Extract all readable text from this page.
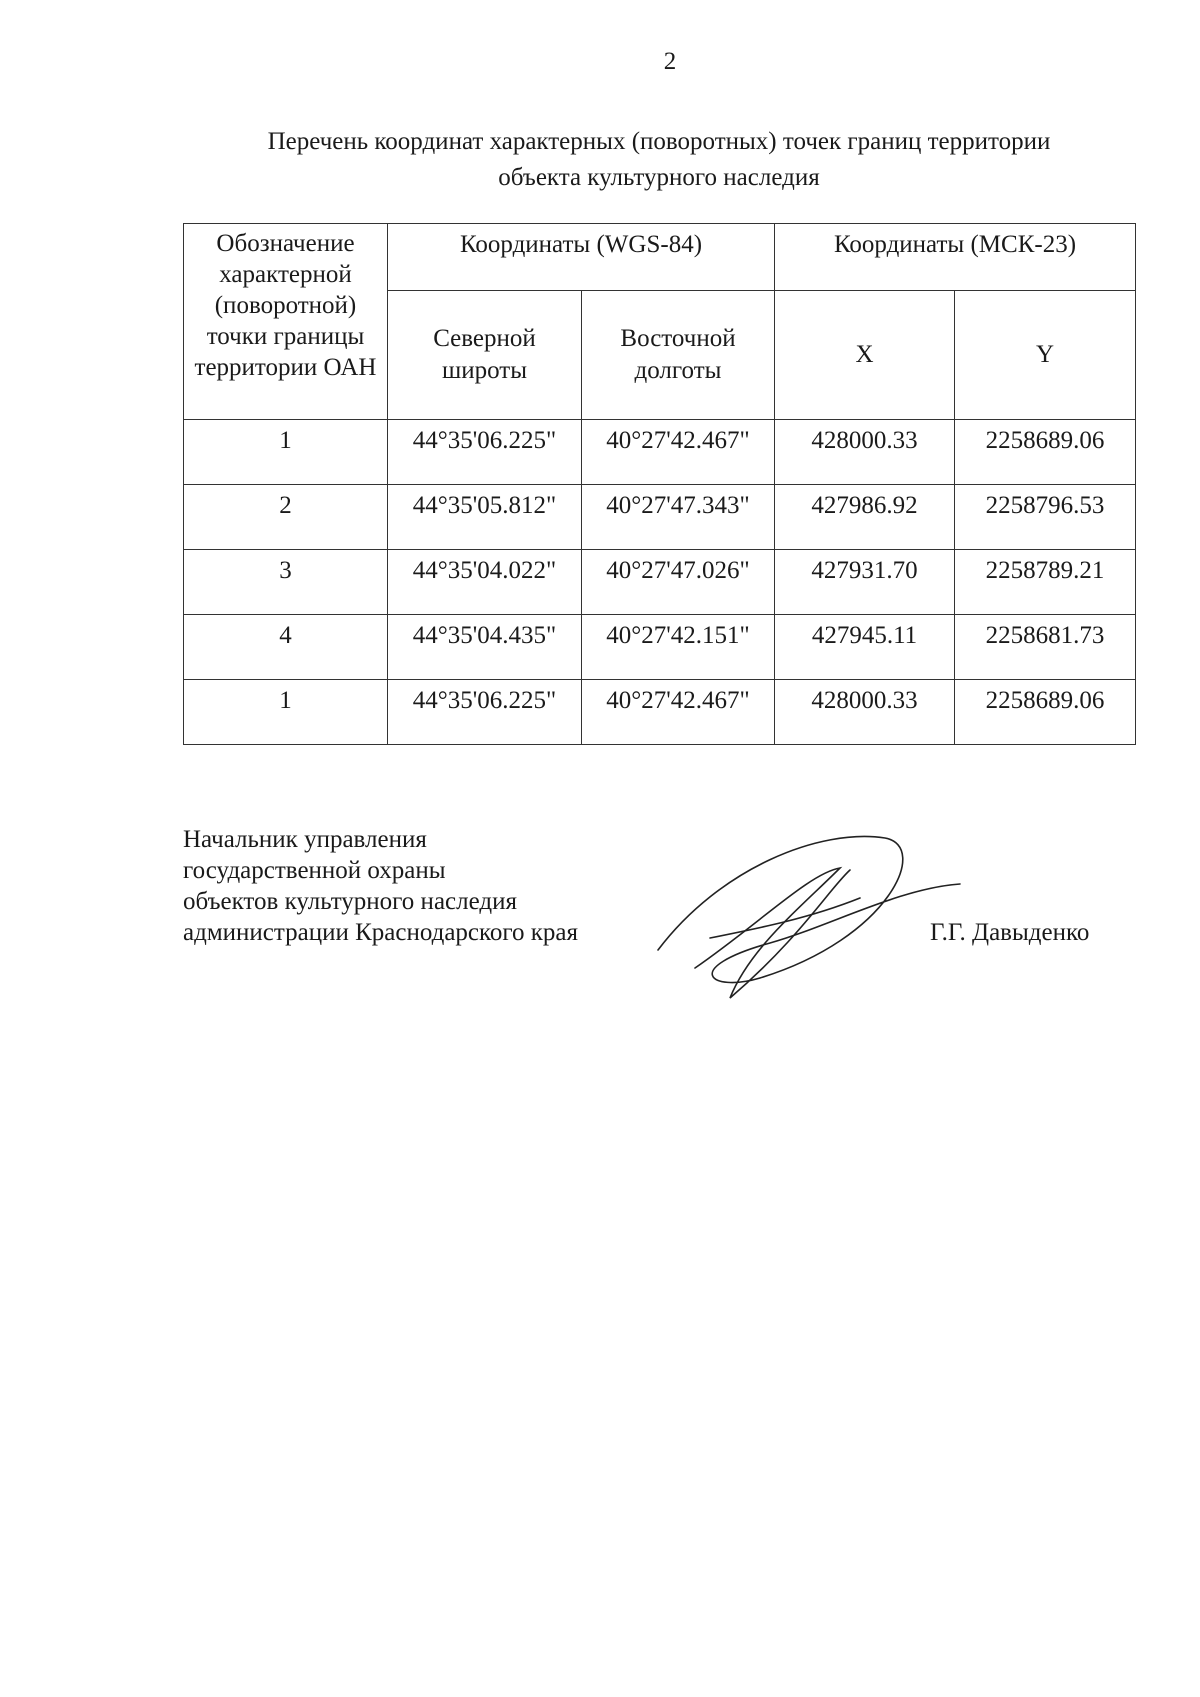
2
Перечень координат характерных (поворотных) точек границ территории
объекта культурного наследия
Обозначение характерной (поворотной) точки границы территории ОАН	Координаты (WGS-84)		Координаты (МСК-23)	
	Северной широты	Восточной долготы	X	Y
1	44°35'06.225"	40°27'42.467"	428000.33	2258689.06
2	44°35'05.812"	40°27'47.343"	427986.92	2258796.53
3	44°35'04.022"	40°27'47.026"	427931.70	2258789.21
4	44°35'04.435"	40°27'42.151"	427945.11	2258681.73
1	44°35'06.225"	40°27'42.467"	428000.33	2258689.06
Начальник управления
государственной охраны
объектов культурного наследия
администрации Краснодарского края	Г.Г. Давыденко
